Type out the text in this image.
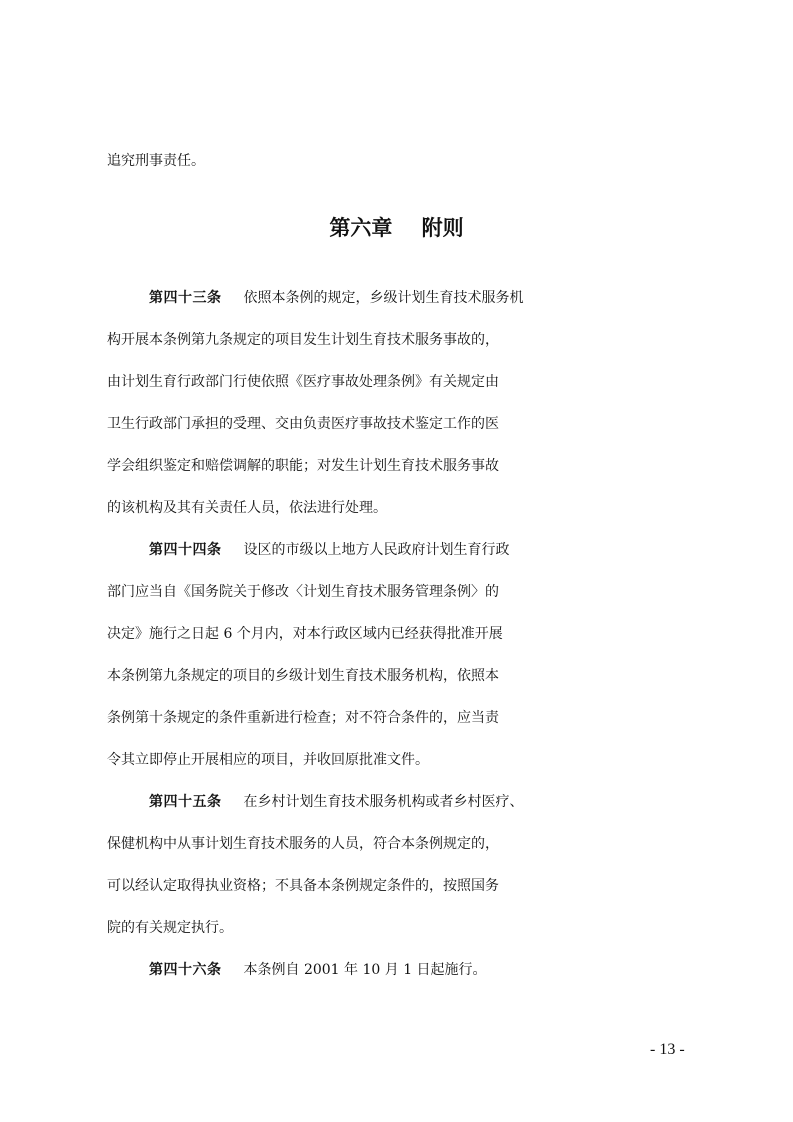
追究刑事责任。
第六章    附则
第四十三条 依照本条例的规定，乡级计划生育技术服务机
构开展本条例第九条规定的项目发生计划生育技术服务事故的，
由计划生育行政部门行使依照《医疗事故处理条例》有关规定由
卫生行政部门承担的受理、交由负责医疗事故技术鉴定工作的医
学会组织鉴定和赔偿调解的职能；对发生计划生育技术服务事故
的该机构及其有关责任人员，依法进行处理。
第四十四条 设区的市级以上地方人民政府计划生育行政
部门应当自《国务院关于修改〈计划生育技术服务管理条例〉的
决定》施行之日起 6 个月内，对本行政区域内已经获得批准开展
本条例第九条规定的项目的乡级计划生育技术服务机构，依照本
条例第十条规定的条件重新进行检查；对不符合条件的，应当责
令其立即停止开展相应的项目，并收回原批准文件。
第四十五条 在乡村计划生育技术服务机构或者乡村医疗、
保健机构中从事计划生育技术服务的人员，符合本条例规定的，
可以经认定取得执业资格；不具备本条例规定条件的，按照国务
院的有关规定执行。
第四十六条 本条例自 2001 年 10 月 1 日起施行。
- 13 -
